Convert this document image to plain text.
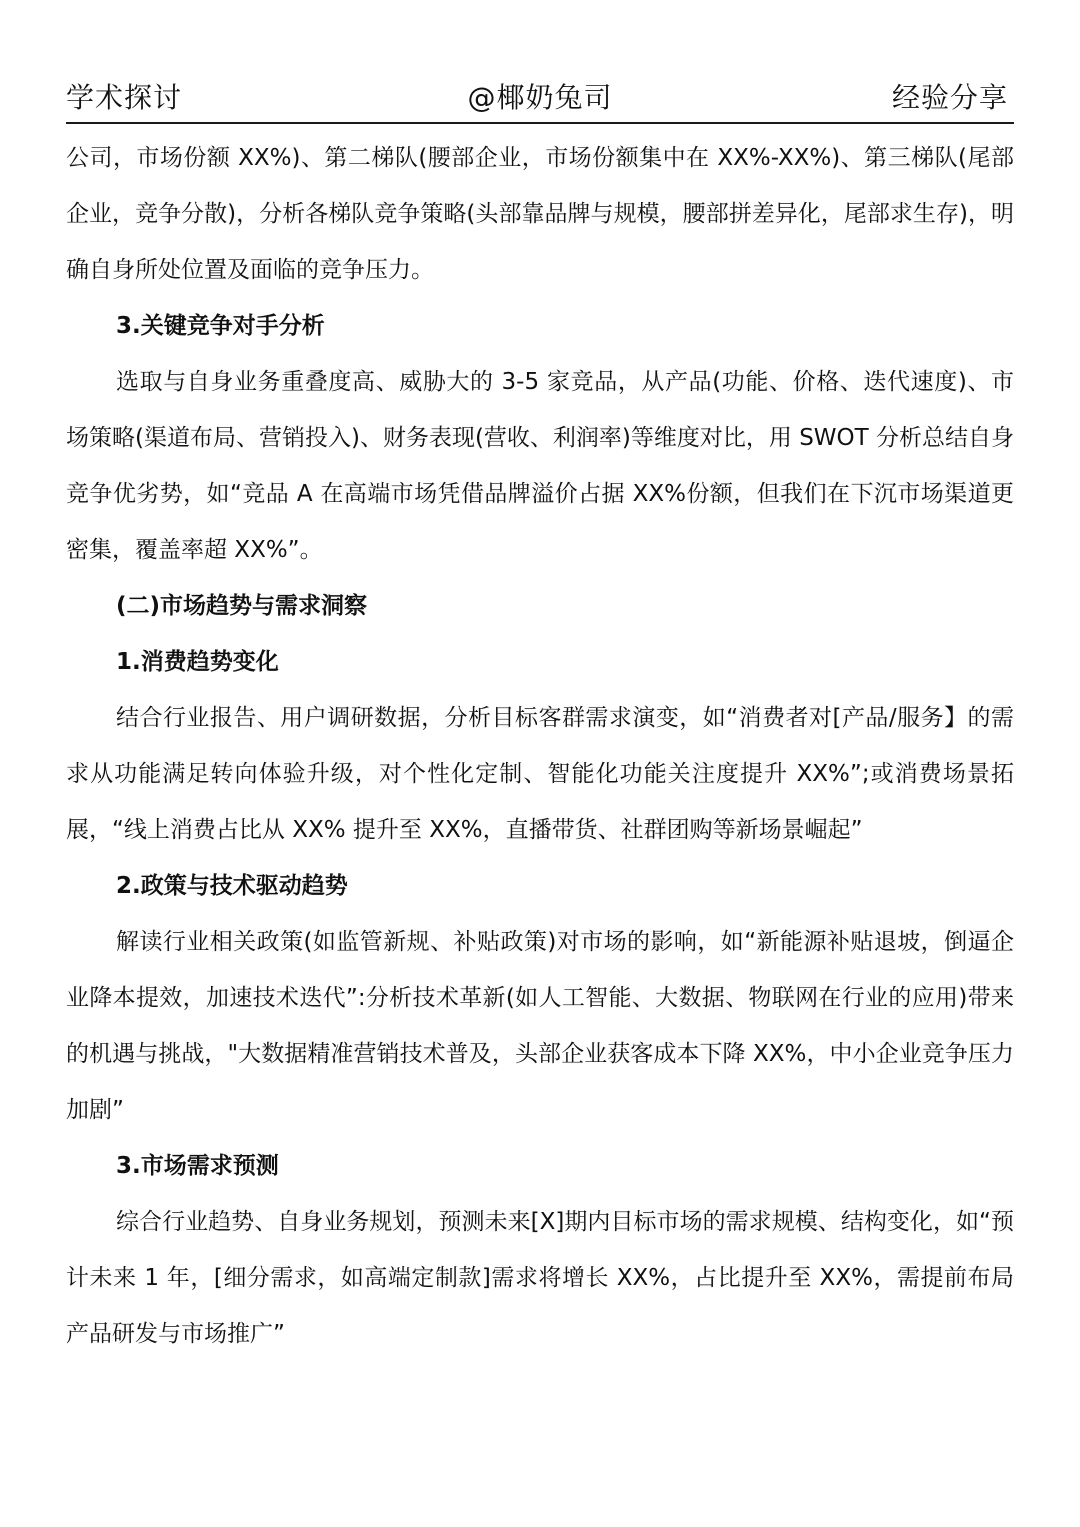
学术探讨	@椰奶兔司	经验分享

公司，市场份额 XX%)、第二梯队(腰部企业，市场份额集中在 XX%-XX%)、第三梯队(尾部企业，竞争分散)，分析各梯队竞争策略(头部靠品牌与规模，腰部拼差异化，尾部求生存)，明确自身所处位置及面临的竞争压力。

3.关键竞争对手分析

选取与自身业务重叠度高、威胁大的 3-5 家竞品，从产品(功能、价格、迭代速度)、市场策略(渠道布局、营销投入)、财务表现(营收、利润率)等维度对比，用 SWOT 分析总结自身竞争优劣势，如“竞品 A 在高端市场凭借品牌溢价占据 XX%份额，但我们在下沉市场渠道更密集，覆盖率超 XX%”。

(二)市场趋势与需求洞察

1.消费趋势变化

结合行业报告、用户调研数据，分析目标客群需求演变，如“消费者对[产品/服务】的需求从功能满足转向体验升级，对个性化定制、智能化功能关注度提升 XX%”;或消费场景拓展，“线上消费占比从 XX% 提升至 XX%，直播带货、社群团购等新场景崛起”

2.政策与技术驱动趋势

解读行业相关政策(如监管新规、补贴政策)对市场的影响，如“新能源补贴退坡，倒逼企业降本提效，加速技术迭代”:分析技术革新(如人工智能、大数据、物联网在行业的应用)带来的机遇与挑战，"大数据精准营销技术普及，头部企业获客成本下降 XX%，中小企业竞争压力加剧”

3.市场需求预测

综合行业趋势、自身业务规划，预测未来[X]期内目标市场的需求规模、结构变化，如“预计未来 1 年，[细分需求，如高端定制款]需求将增长 XX%，占比提升至 XX%，需提前布局产品研发与市场推广”
